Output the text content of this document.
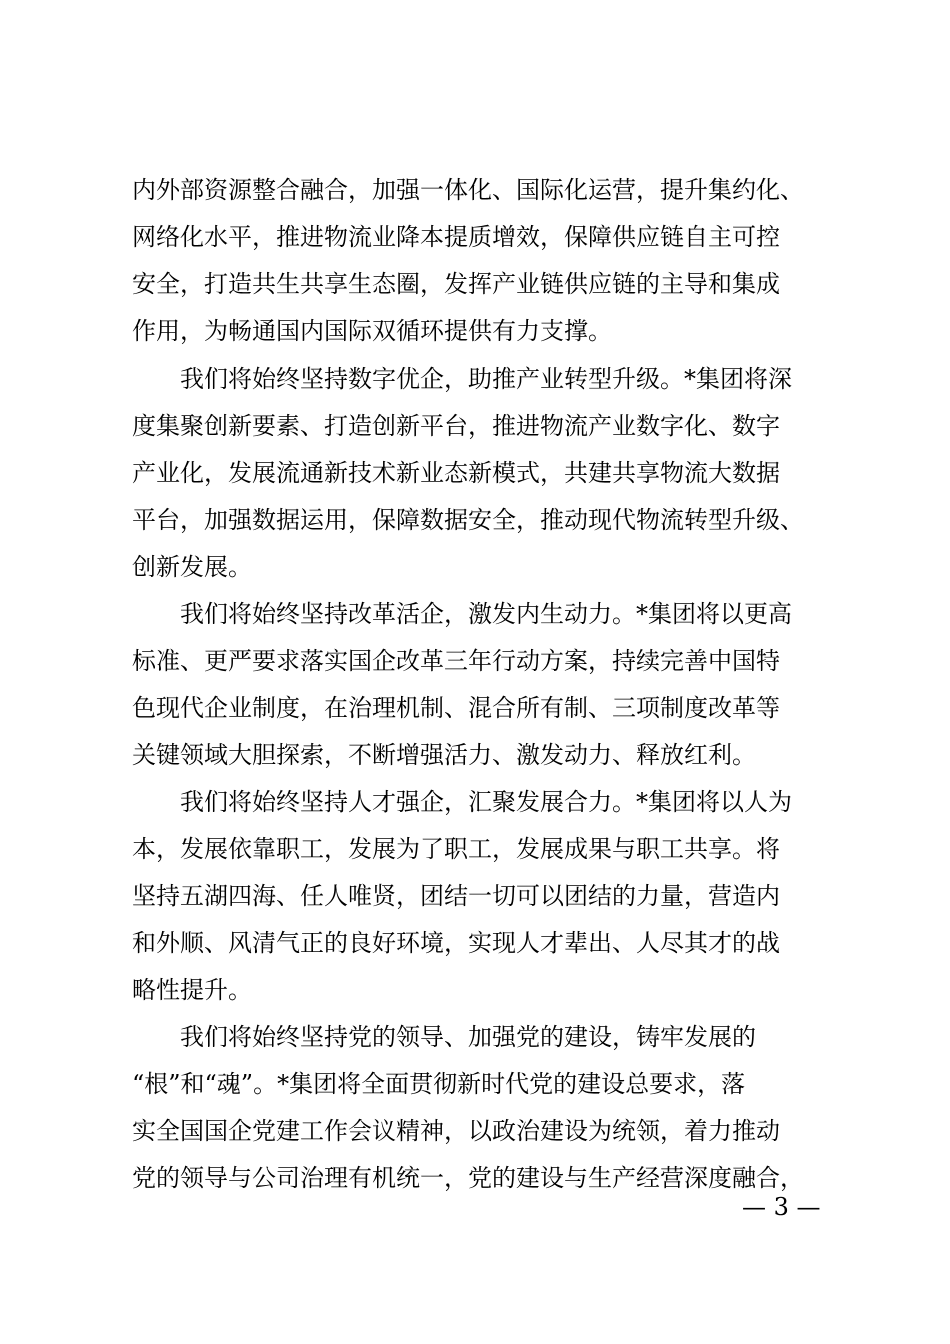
内外部资源整合融合，加强一体化、国际化运营，提升集约化、
网络化水平，推进物流业降本提质增效，保障供应链自主可控
安全，打造共生共享生态圈，发挥产业链供应链的主导和集成
作用，为畅通国内国际双循环提供有力支撑。
我们将始终坚持数字优企，助推产业转型升级。*集团将深
度集聚创新要素、打造创新平台，推进物流产业数字化、数字
产业化，发展流通新技术新业态新模式，共建共享物流大数据
平台，加强数据运用，保障数据安全，推动现代物流转型升级、
创新发展。
我们将始终坚持改革活企，激发内生动力。*集团将以更高
标准、更严要求落实国企改革三年行动方案，持续完善中国特
色现代企业制度，在治理机制、混合所有制、三项制度改革等
关键领域大胆探索，不断增强活力、激发动力、释放红利。
我们将始终坚持人才强企，汇聚发展合力。*集团将以人为
本，发展依靠职工，发展为了职工，发展成果与职工共享。将
坚持五湖四海、任人唯贤，团结一切可以团结的力量，营造内
和外顺、风清气正的良好环境，实现人才辈出、人尽其才的战
略性提升。
我们将始终坚持党的领导、加强党的建设，铸牢发展的
“根”和“魂”。*集团将全面贯彻新时代党的建设总要求，落
实全国国企党建工作会议精神，以政治建设为统领，着力推动
党的领导与公司治理有机统一，党的建设与生产经营深度融合，
— 3 —
